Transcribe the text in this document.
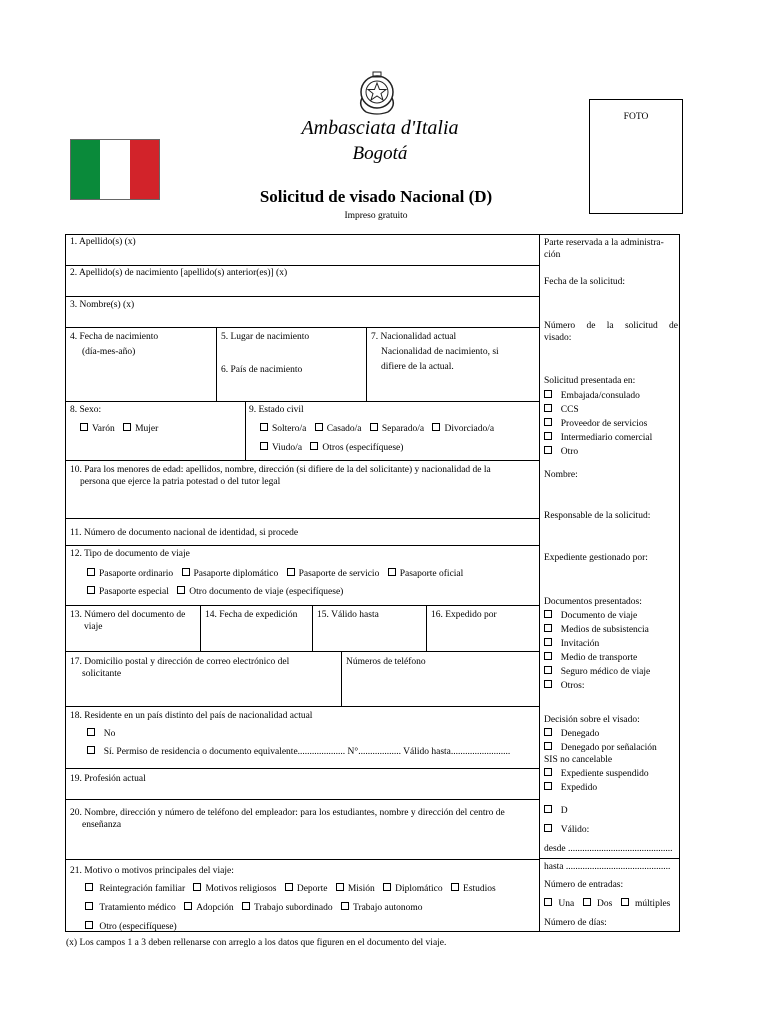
Ambasciata d'Italia
Bogotá
FOTO
Solicitud de visado Nacional (D)
Impreso gratuito
1. Apellido(s) (x)
2. Apellido(s) de nacimiento [apellido(s) anterior(es)] (x)
3. Nombre(s) (x)
4. Fecha de nacimiento
(día-mes-año)
5. Lugar de nacimiento
6. País de nacimiento
7. Nacionalidad actual
Nacionalidad de nacimiento, si
difiere de la actual.
8. Sexo:
Varón Mujer
9. Estado civil
Soltero/a Casado/a Separado/a Divorciado/a
Viudo/a Otros (especifíquese)
10. Para los menores de edad: apellidos, nombre, dirección (si difiere de la del solicitante) y nacionalidad de la
persona que ejerce la patria potestad o del tutor legal
11. Número de documento nacional de identidad, si procede
12. Tipo de documento de viaje
Pasaporte ordinario Pasaporte diplomático Pasaporte de servicio Pasaporte oficial
Pasaporte especial Otro documento de viaje (especifíquese)
13. Número del documento de
viaje
14. Fecha de expedición 15. Válido hasta	16. Expedido por
17. Domicilio postal y dirección de correo electrónico del
solicitante
Números de teléfono
18. Residente en un país distinto del país de nacionalidad actual
No
Sí. Permiso de residencia o documento equivalente.................... N°.................. Válido hasta.........................
19. Profesión actual
20. Nombre, dirección y número de teléfono del empleador: para los estudiantes, nombre y dirección del centro de
enseñanza
21. Motivo o motivos principales del viaje:
Reintegración familiar Motivos religiosos Deporte Misión Diplomático Estudios
Tratamiento médico Adopción Trabajo subordinado Trabajo autonomo
Otro (especifíquese)
Parte reservada a la administra-
ción
Fecha de la solicitud:
Número de la solicitud de
visado:
Solicitud presentada en:
Embajada/consulado
CCS
Proveedor de servicios
Intermediario comercial
Otro
Nombre:
Responsable de la solicitud:
Expediente gestionado por:
Documentos presentados:
Documento de viaje
Medios de subsistencia
Invitación
Medio de transporte
Seguro médico de viaje
Otros:
Decisión sobre el visado:
Denegado
Denegado por señalación
SIS no cancelable
Expediente suspendido
Expedido
D
Válido:
desde ............................................
hasta ............................................
Número de entradas:
Una Dos múltiples
Número de días:
(x) Los campos 1 a 3 deben rellenarse con arreglo a los datos que figuren en el documento del viaje.
